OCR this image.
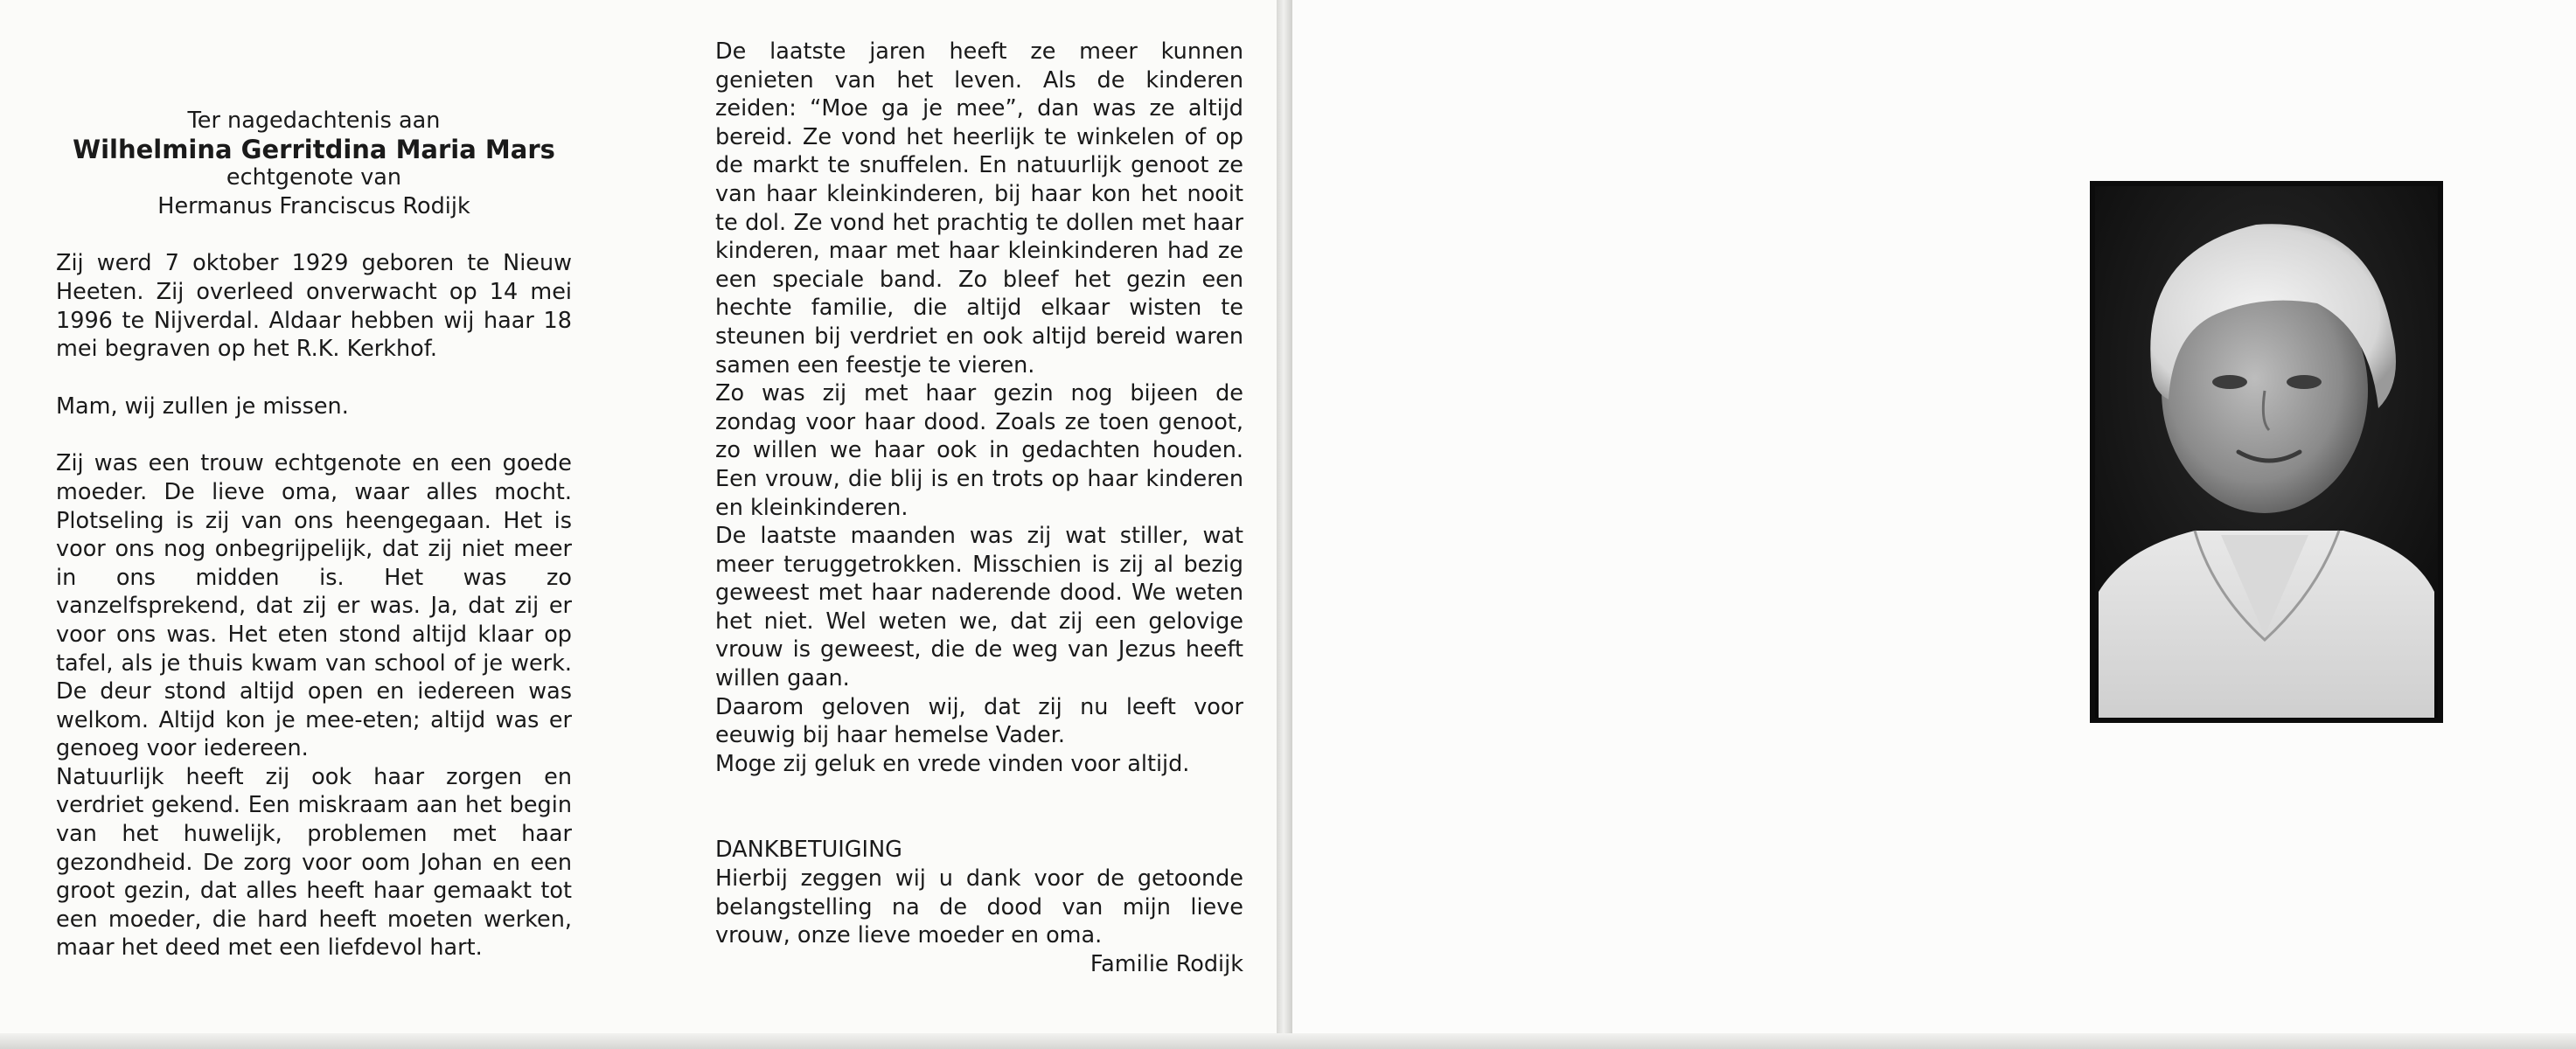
Ter nagedachtenis aan

Wilhelmina Gerritdina Maria Mars

echtgenote van

Hermanus Franciscus Rodijk

Zij werd 7 oktober 1929 geboren te Nieuw Heeten. Zij overleed onverwacht op 14 mei 1996 te Nijverdal. Aldaar hebben wij haar 18 mei begraven op het R.K. Kerkhof.

Mam, wij zullen je missen.

Zij was een trouw echtgenote en een goede moeder. De lieve oma, waar alles mocht. Plotseling is zij van ons heengegaan. Het is voor ons nog onbegrijpelijk, dat zij niet meer in ons midden is. Het was zo vanzelfsprekend, dat zij er was. Ja, dat zij er voor ons was. Het eten stond altijd klaar op tafel, als je thuis kwam van school of je werk. De deur stond altijd open en iedereen was welkom. Altijd kon je mee-eten; altijd was er genoeg voor iedereen.

Natuurlijk heeft zij ook haar zorgen en verdriet gekend. Een miskraam aan het begin van het huwelijk, problemen met haar gezondheid. De zorg voor oom Johan en een groot gezin, dat alles heeft haar gemaakt tot een moeder, die hard heeft moeten werken, maar het deed met een liefdevol hart.

De laatste jaren heeft ze meer kunnen genieten van het leven. Als de kinderen zeiden: “Moe ga je mee”, dan was ze altijd bereid. Ze vond het heerlijk te winkelen of op de markt te snuffelen. En natuurlijk genoot ze van haar kleinkinderen, bij haar kon het nooit te dol. Ze vond het prachtig te dollen met haar kinderen, maar met haar kleinkinderen had ze een speciale band. Zo bleef het gezin een hechte familie, die altijd elkaar wisten te steunen bij verdriet en ook altijd bereid waren samen een feestje te vieren.

Zo was zij met haar gezin nog bijeen de zondag voor haar dood. Zoals ze toen genoot, zo willen we haar ook in gedachten houden. Een vrouw, die blij is en trots op haar kinderen en kleinkinderen.

De laatste maanden was zij wat stiller, wat meer teruggetrokken. Misschien is zij al bezig geweest met haar naderende dood. We weten het niet. Wel weten we, dat zij een gelovige vrouw is geweest, die de weg van Jezus heeft willen gaan.

Daarom geloven wij, dat zij nu leeft voor eeuwig bij haar hemelse Vader.

Moge zij geluk en vrede vinden voor altijd.

DANKBETUIGING

Hierbij zeggen wij u dank voor de getoonde belangstelling na de dood van mijn lieve vrouw, onze lieve moeder en oma.

Familie Rodijk
